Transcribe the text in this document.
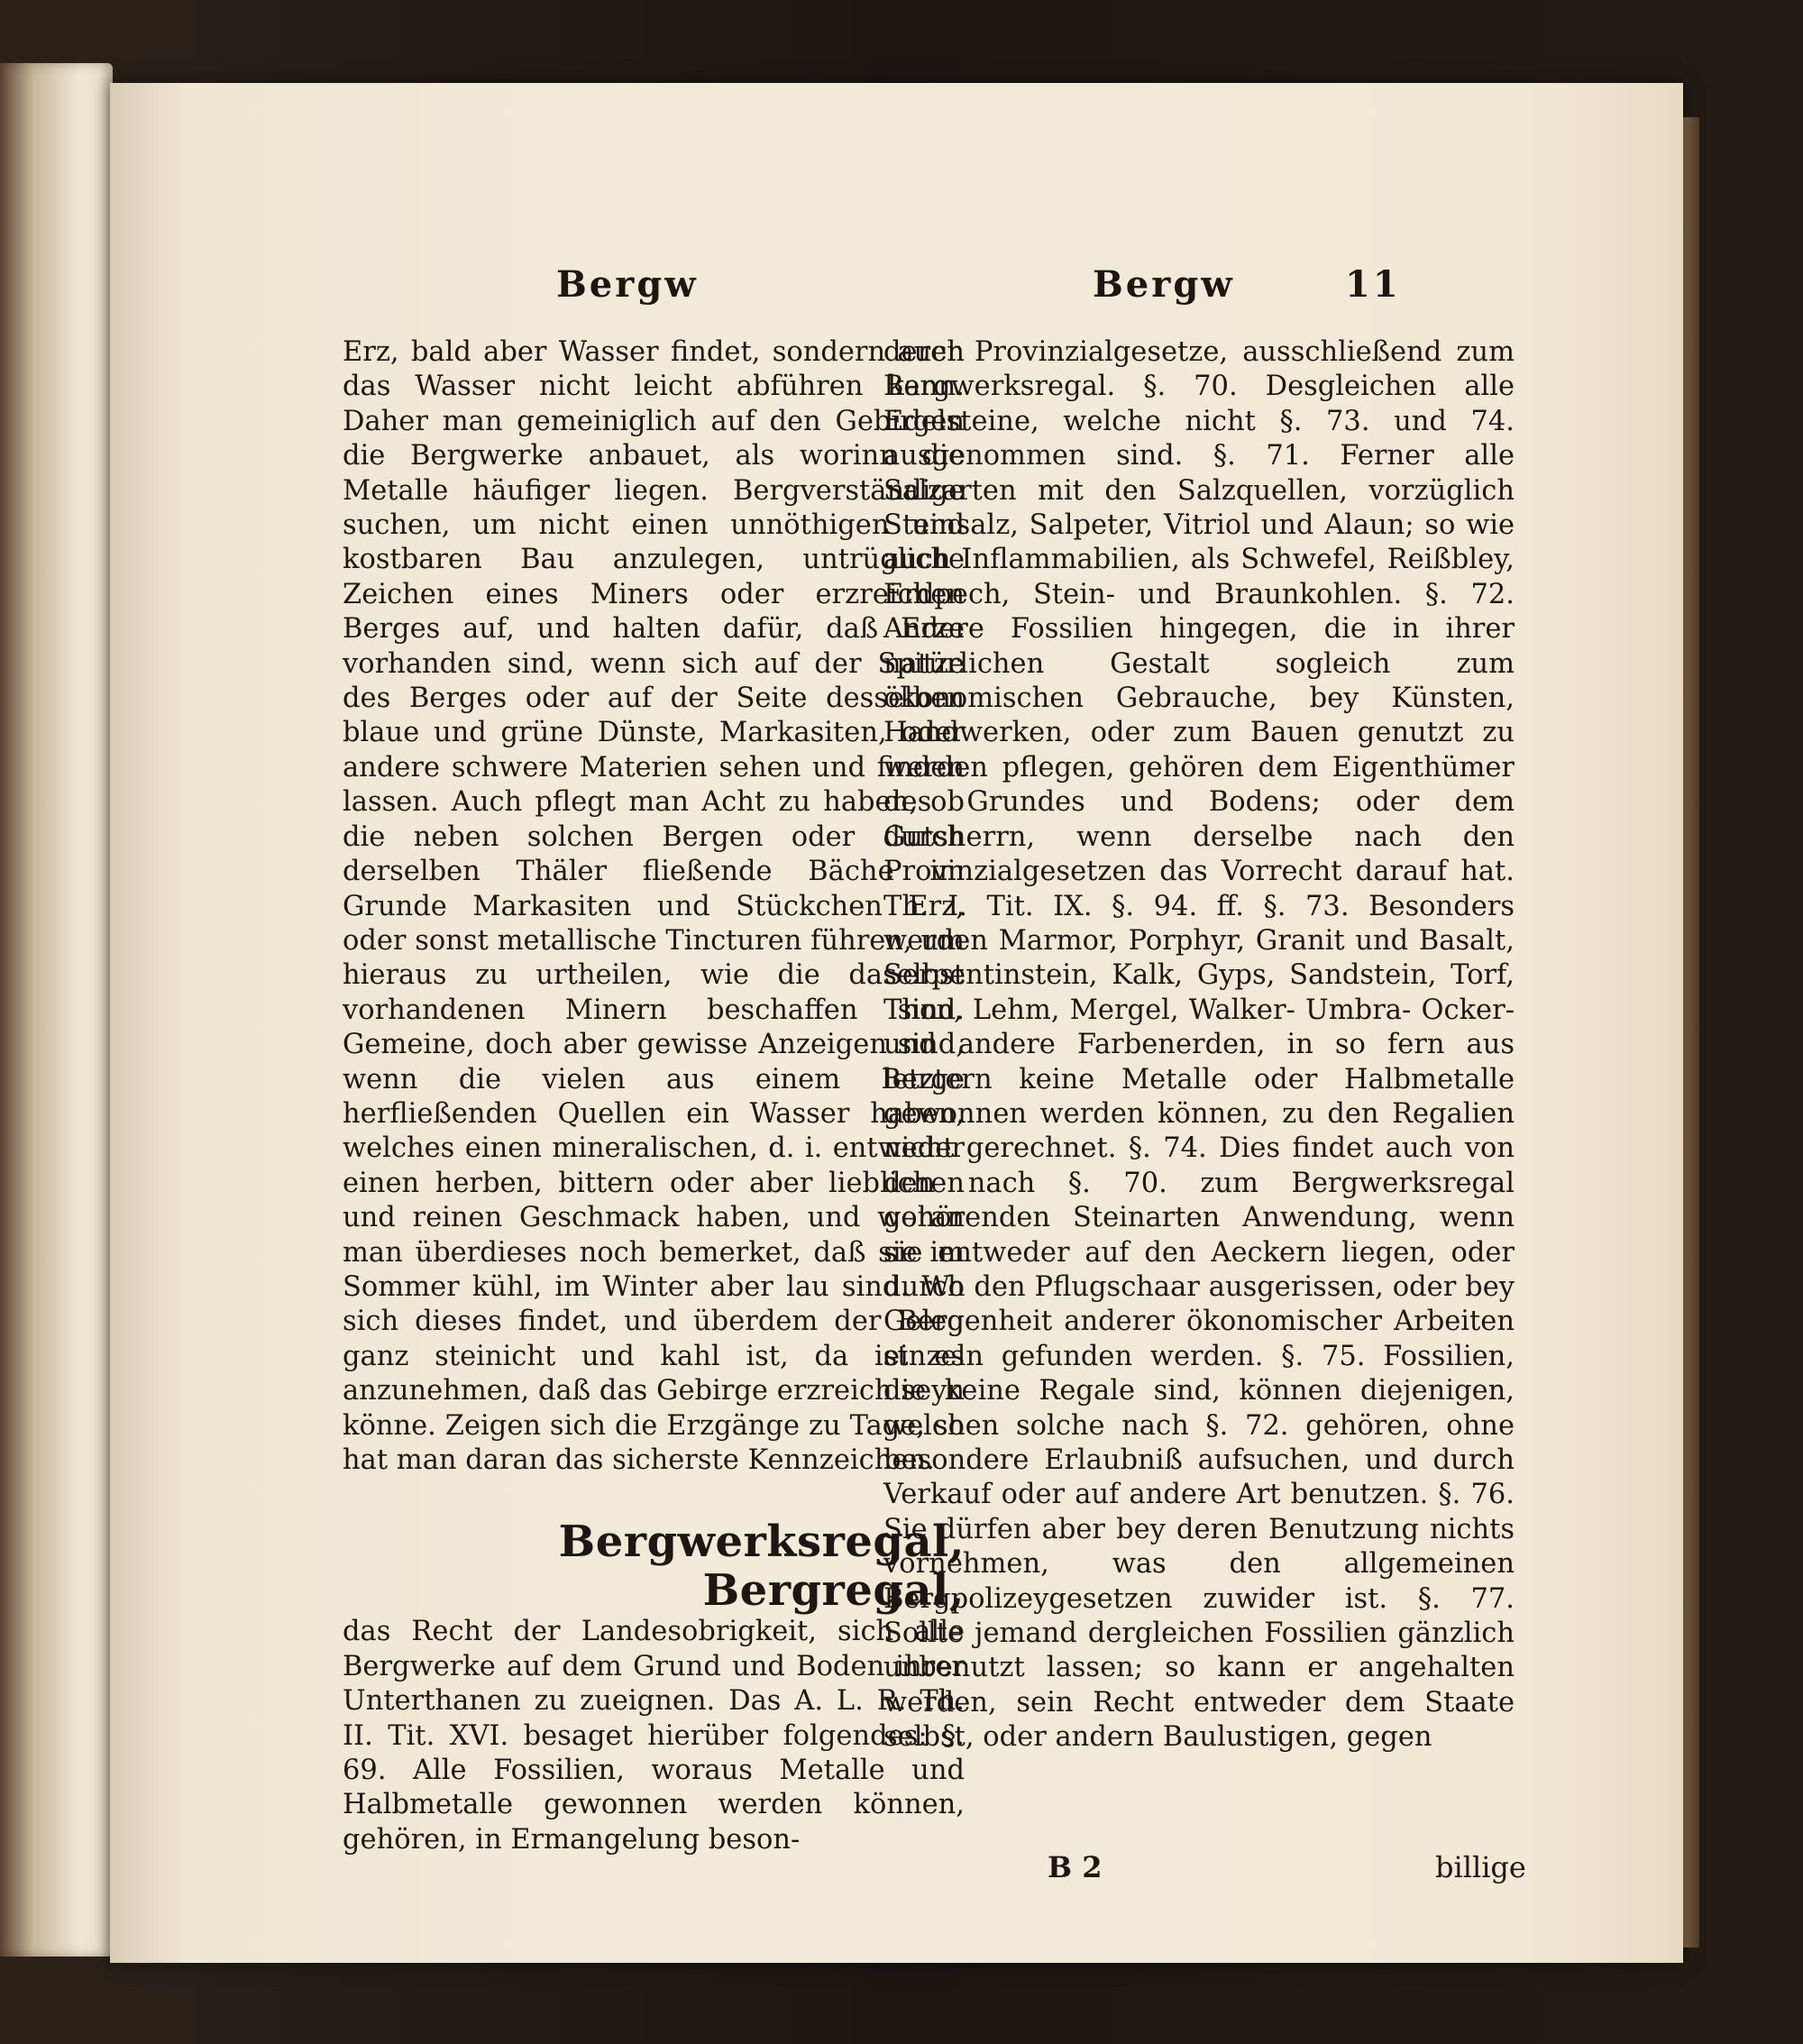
Bergw	Bergw	11

Erz, bald aber Wasser findet, sondern auch das Wasser nicht leicht abführen kann. Daher man gemeiniglich auf den Gebirgen die Bergwerke anbauet, als worinn die Metalle häufiger liegen. Bergverständige suchen, um nicht einen unnöthigen und kostbaren Bau anzulegen, untrügliche Zeichen eines Miners oder erzreichen Berges auf, und halten dafür, daß Erze vorhanden sind, wenn sich auf der Spitze des Berges oder auf der Seite desselben blaue und grüne Dünste, Markasiten, oder andere schwere Materien sehen und finden lassen. Auch pflegt man Acht zu haben, ob die neben solchen Bergen oder durch derselben Thäler fließende Bäche im Grunde Markasiten und Stückchen Erz, oder sonst metallische Tincturen führen, um hieraus zu urtheilen, wie die daselbst vorhandenen Minern beschaffen sind. Gemeine, doch aber gewisse Anzeigen sind, wenn die vielen aus einem Berge herfließenden Quellen ein Wasser haben, welches einen mineralischen, d. i. entweder einen herben, bittern oder aber lieblichen und reinen Geschmack haben, und woran man überdieses noch bemerket, daß sie im Sommer kühl, im Winter aber lau sind. Wo sich dieses findet, und überdem der Berg ganz steinicht und kahl ist, da ist es anzunehmen, daß das Gebirge erzreich seyn könne. Zeigen sich die Erzgänge zu Tage, so hat man daran das sicherste Kennzeichen.

Bergwerksregal, Bergregal,

das Recht der Landesobrigkeit, sich alle Bergwerke auf dem Grund und Boden ihrer Unterthanen zu zueignen. Das A. L. R. Th. II. Tit. XVI. besaget hierüber folgendes: §. 69. Alle Fossilien, woraus Metalle und Halbmetalle gewonnen werden können, gehören, in Ermangelung beson-

derer Provinzialgesetze, ausschließend zum Bergwerksregal. §. 70. Desgleichen alle Edelsteine, welche nicht §. 73. und 74. ausgenommen sind. §. 71. Ferner alle Salzarten mit den Salzquellen, vorzüglich Steinsalz, Salpeter, Vitriol und Alaun; so wie auch Inflammabilien, als Schwefel, Reißbley, Erdpech, Stein- und Braunkohlen. §. 72. Andere Fossilien hingegen, die in ihrer natürlichen Gestalt sogleich zum ökonomischen Gebrauche, bey Künsten, Handwerken, oder zum Bauen genutzt zu werden pflegen, gehören dem Eigenthümer des Grundes und Bodens; oder dem Gutsherrn, wenn derselbe nach den Provinzialgesetzen das Vorrecht darauf hat. Th. I. Tit. IX. §. 94. ff. §. 73. Besonders werden Marmor, Porphyr, Granit und Basalt, Serpentinstein, Kalk, Gyps, Sandstein, Torf, Thon, Lehm, Mergel, Walker- Umbra- Ocker- und andere Farbenerden, in so fern aus letztern keine Metalle oder Halbmetalle gewonnen werden können, zu den Regalien nicht gerechnet. §. 74. Dies findet auch von den nach §. 70. zum Bergwerksregal gehörenden Steinarten Anwendung, wenn sie entweder auf den Aeckern liegen, oder durch den Pflugschaar ausgerissen, oder bey Gelegenheit anderer ökonomischer Arbeiten einzeln gefunden werden. §. 75. Fossilien, die keine Regale sind, können diejenigen, welchen solche nach §. 72. gehören, ohne besondere Erlaubniß aufsuchen, und durch Verkauf oder auf andere Art benutzen. §. 76. Sie dürfen aber bey deren Benutzung nichts vornehmen, was den allgemeinen Bergpolizeygesetzen zuwider ist. §. 77. Sollte jemand dergleichen Fossilien gänzlich unbenutzt lassen; so kann er angehalten werden, sein Recht entweder dem Staate selbst, oder andern Baulustigen, gegen

B 2	billige
